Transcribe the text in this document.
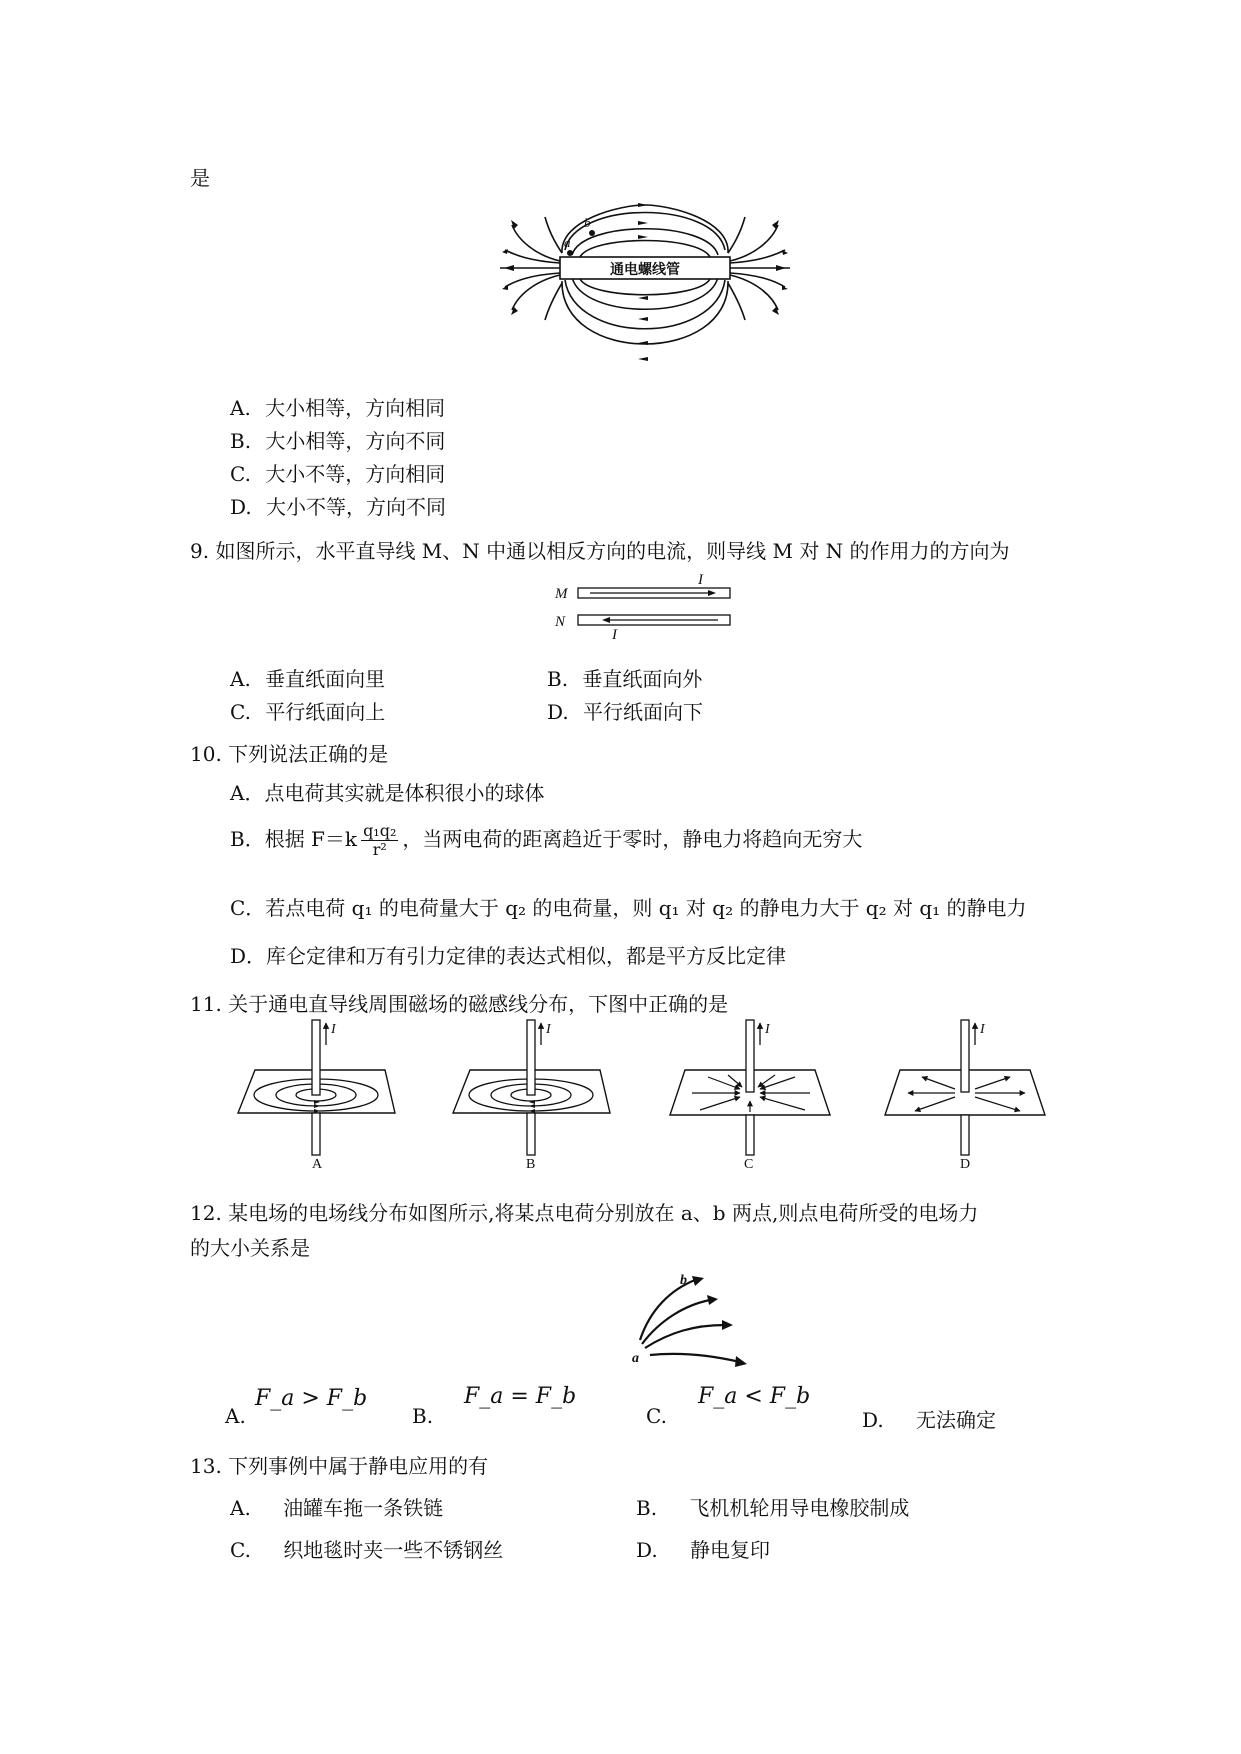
是
通电螺线管
a
b
A. 大小相等，方向相同
B. 大小相等，方向不同
C. 大小不等，方向相同
D. 大小不等，方向不同
9. 如图所示，水平直导线 M、N 中通以相反方向的电流，则导线 M 对 N 的作用力的方向为
M
N
I
I
A. 垂直纸面向里	B. 垂直纸面向外
C. 平行纸面向上	D. 平行纸面向下
10. 下列说法正确的是
A．点电荷其实就是体积很小的球体
B．根据 $F=k \frac{\text{q₁q₂}}{\text{r²}}$ ，当两电荷的距离趋近于零时，静电力将趋向无穷大
C．若点电荷 q₁ 的电荷量大于 q₂ 的电荷量，则 q₁ 对 q₂ 的静电力大于 q₂ 对 q₁ 的静电力
D．库仑定律和万有引力定律的表达式相似，都是平方反比定律
11. 关于通电直导线周围磁场的磁感线分布，下图中正确的是
I
A
I
B
I
C
I
D
12. 某电场的电场线分布如图所示,将某点电荷分别放在 a、b 两点,则点电荷所受的电场力
的大小关系是
b
a
A.
F_a > F_b
B.
F_a = F_b
C.
F_a < F_b
D. 无法确定
13. 下列事例中属于静电应用的有
A. 油罐车拖一条铁链	B. 飞机机轮用导电橡胶制成
C. 织地毯时夹一些不锈钢丝	D. 静电复印
